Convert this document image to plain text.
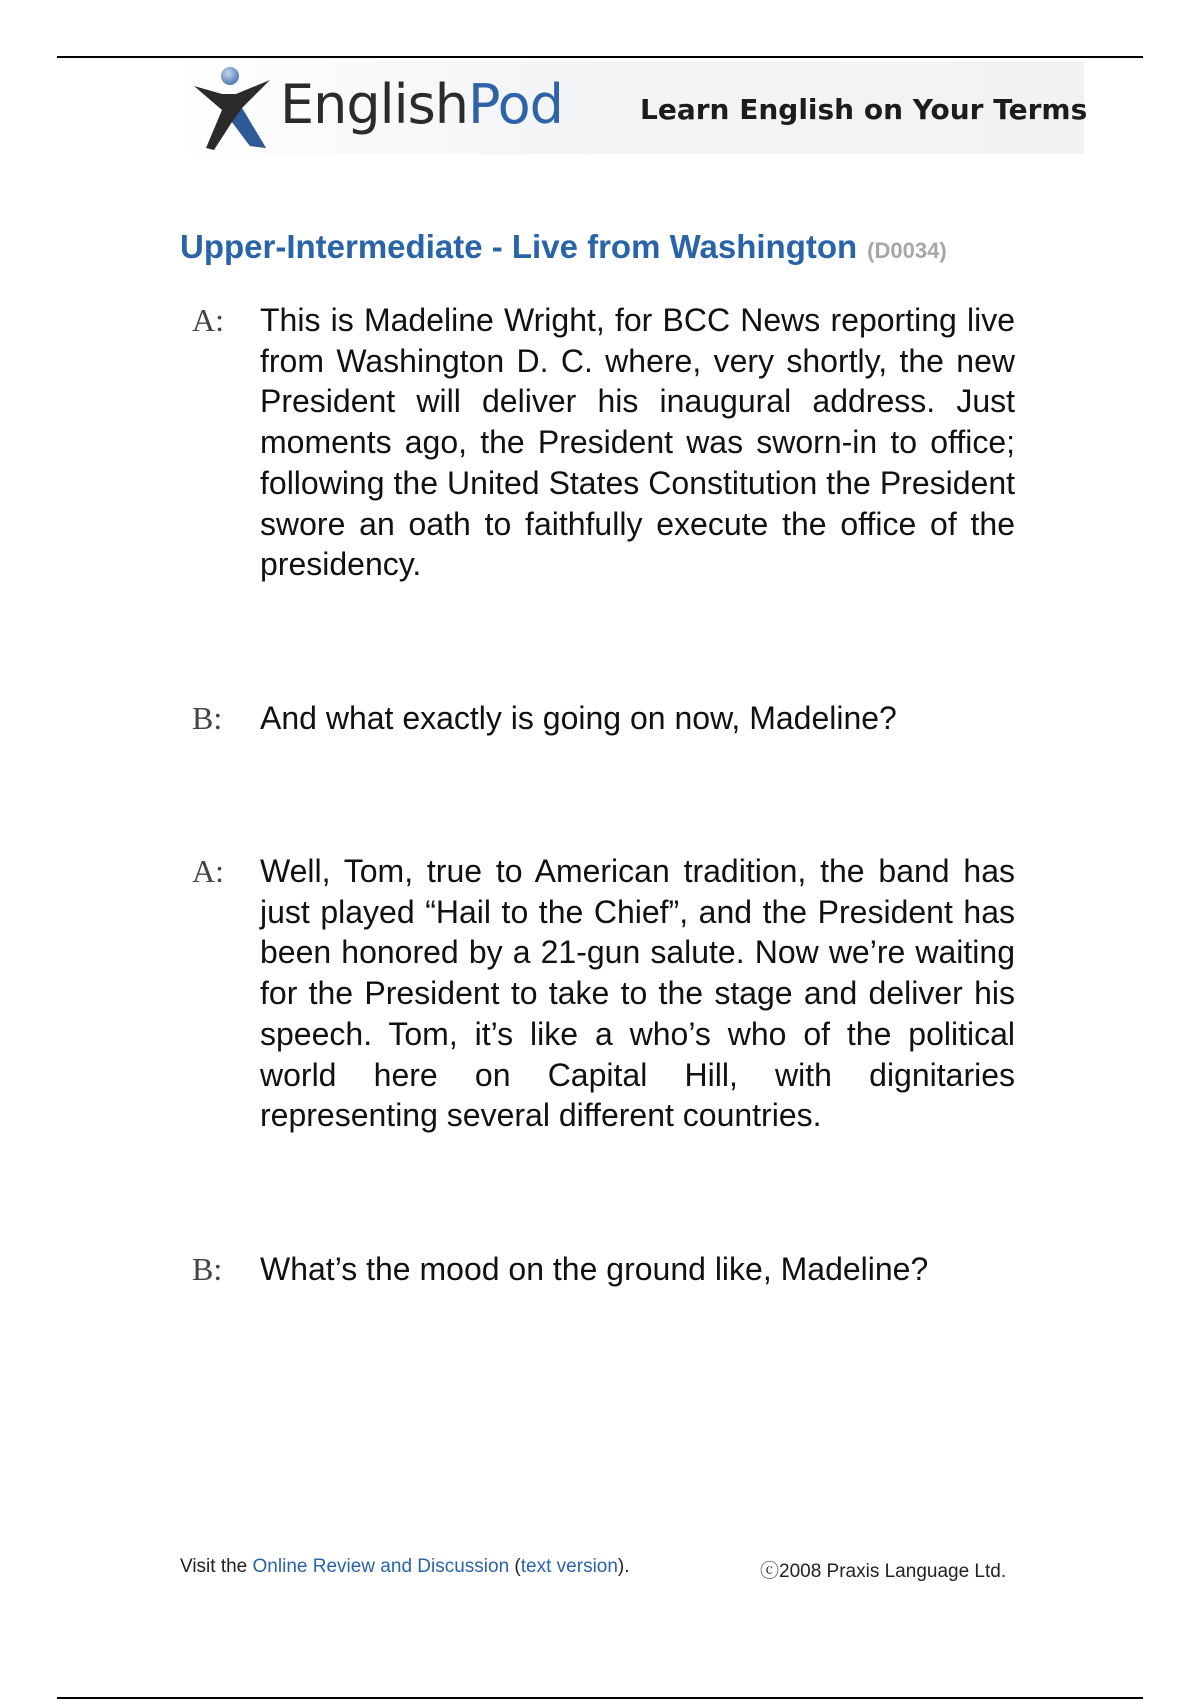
EnglishPod	Learn English on Your Terms
Upper-Intermediate - Live from Washington (D0034)
A: This is Madeline Wright, for BCC News reporting live from Washington D. C. where, very shortly, the new President will deliver his inaugural address. Just moments ago, the President was sworn-in to office; following the United States Constitution the President swore an oath to faithfully execute the office of the presidency.
B: And what exactly is going on now, Madeline?
A: Well, Tom, true to American tradition, the band has just played “Hail to the Chief”, and the President has been honored by a 21-gun salute. Now we’re waiting for the President to take to the stage and deliver his speech. Tom, it’s like a who’s who of the political world here on Capital Hill, with dignitaries representing several different countries.
B: What’s the mood on the ground like, Madeline?
Visit the Online Review and Discussion (text version).	ⓒ2008 Praxis Language Ltd.
